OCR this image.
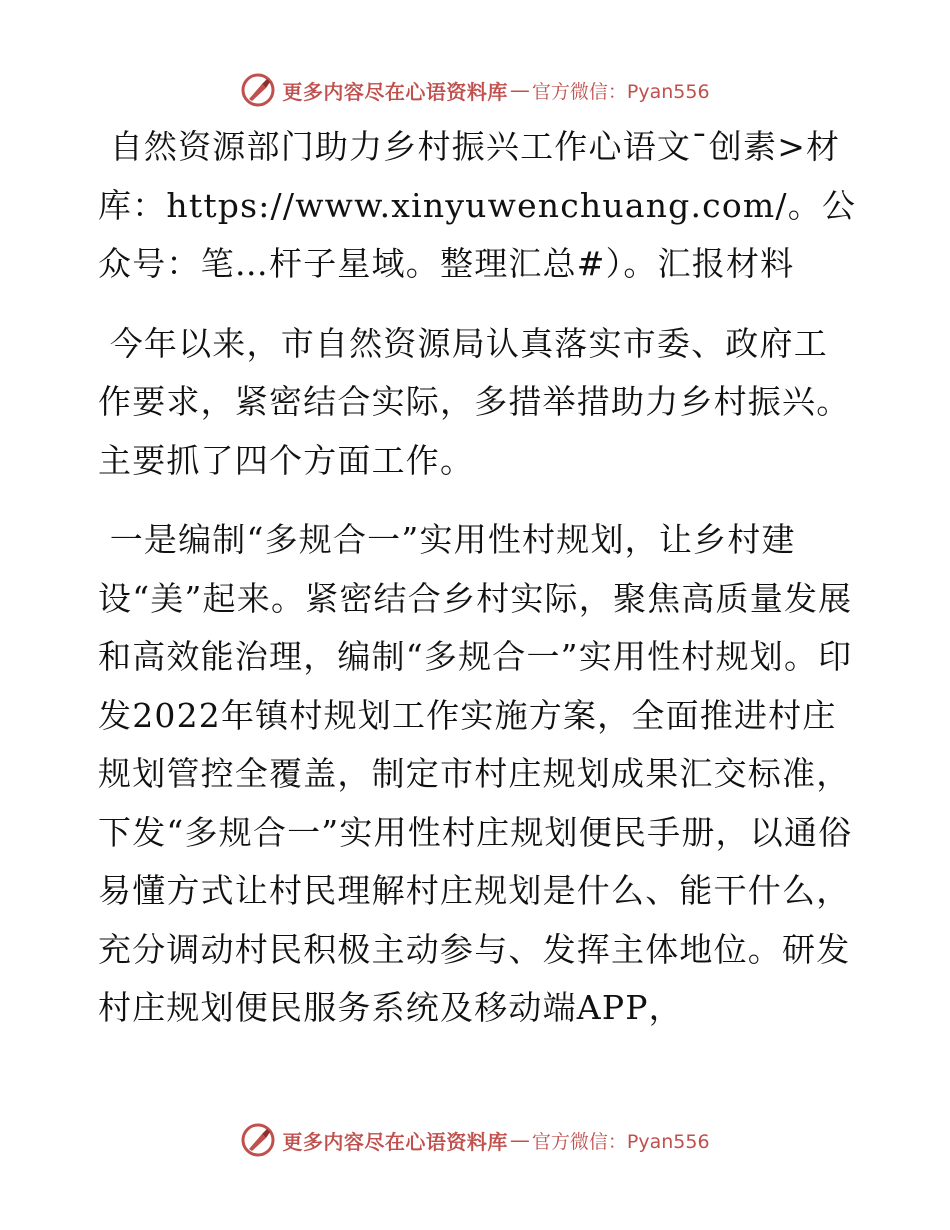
更多内容尽在心语资料库 — 官方微信：Pyan556

自然资源部门助力乡村振兴工作心语文¯创素>材库：https://www.xinyuwenchuang.com/。公众号：笔…杆子星域。整理汇总#）。汇报材料

今年以来，市自然资源局认真落实市委、政府工作要求，紧密结合实际，多措举措助力乡村振兴。主要抓了四个方面工作。

一是编制“多规合一”实用性村规划，让乡村建设“美”起来。紧密结合乡村实际，聚焦高质量发展和高效能治理，编制“多规合一”实用性村规划。印发2022年镇村规划工作实施方案，全面推进村庄规划管控全覆盖，制定市村庄规划成果汇交标准，下发“多规合一”实用性村庄规划便民手册，以通俗易懂方式让村民理解村庄规划是什么、能干什么，充分调动村民积极主动参与、发挥主体地位。研发村庄规划便民服务系统及移动端APP，

更多内容尽在心语资料库 — 官方微信：Pyan556
